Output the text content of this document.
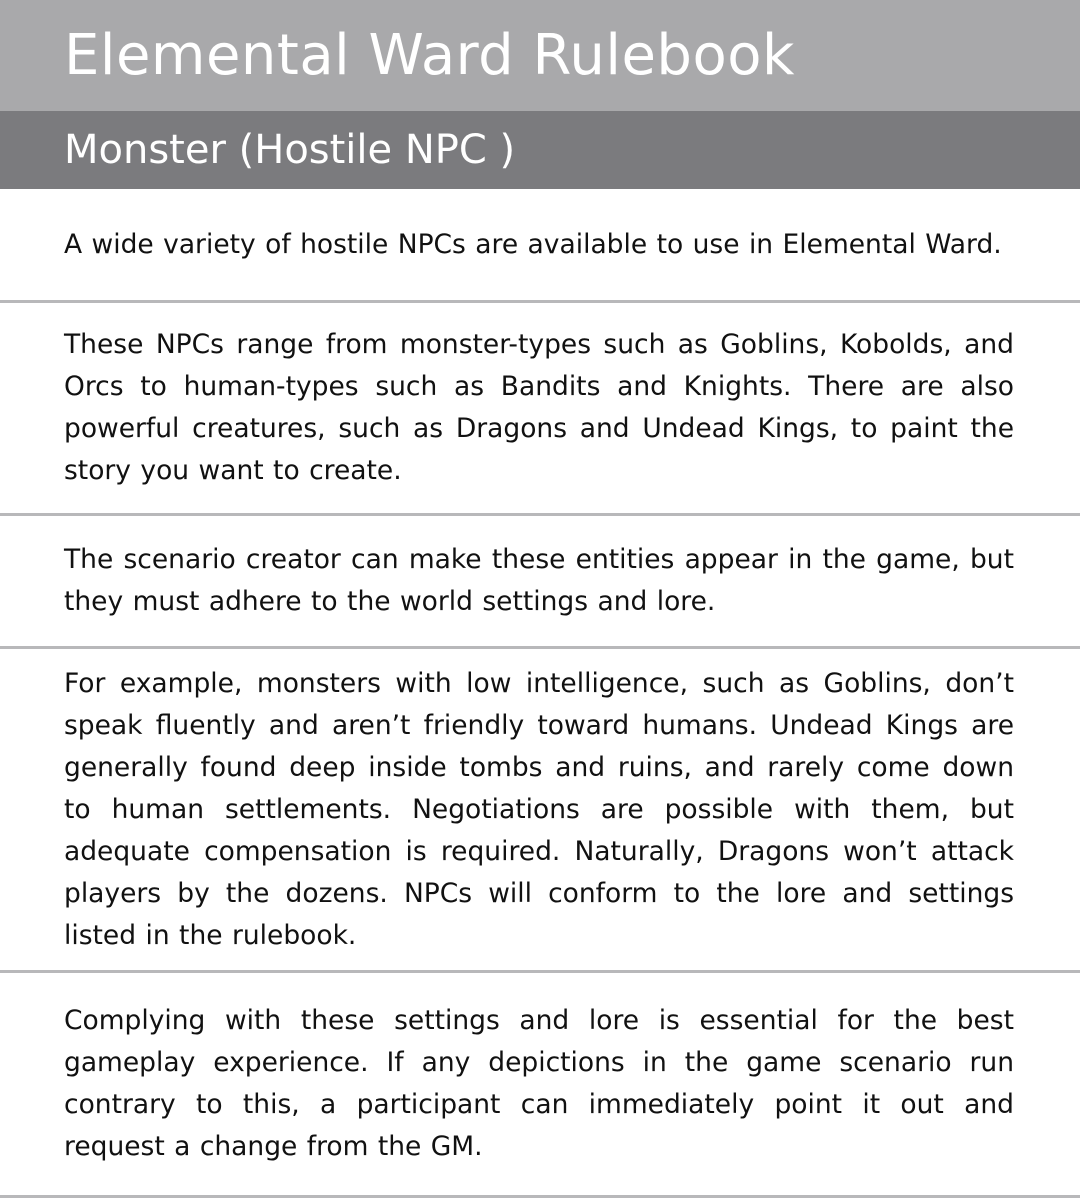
Elemental Ward Rulebook
Monster (Hostile NPC )

A wide variety of hostile NPCs are available to use in Elemental Ward.

These NPCs range from monster-types such as Goblins, Kobolds, and Orcs to human-types such as Bandits and Knights. There are also powerful creatures, such as Dragons and Undead Kings, to paint the story you want to create.

The scenario creator can make these entities appear in the game, but they must adhere to the world settings and lore.

For example, monsters with low intelligence, such as Goblins, don’t speak fluently and aren’t friendly toward humans. Undead Kings are generally found deep inside tombs and ruins, and rarely come down to human settlements. Negotiations are possible with them, but adequate compensation is required. Naturally, Dragons won’t attack players by the dozens. NPCs will conform to the lore and settings listed in the rulebook.

Complying with these settings and lore is essential for the best gameplay experience. If any depictions in the game scenario run contrary to this, a participant can immediately point it out and request a change from the GM.
